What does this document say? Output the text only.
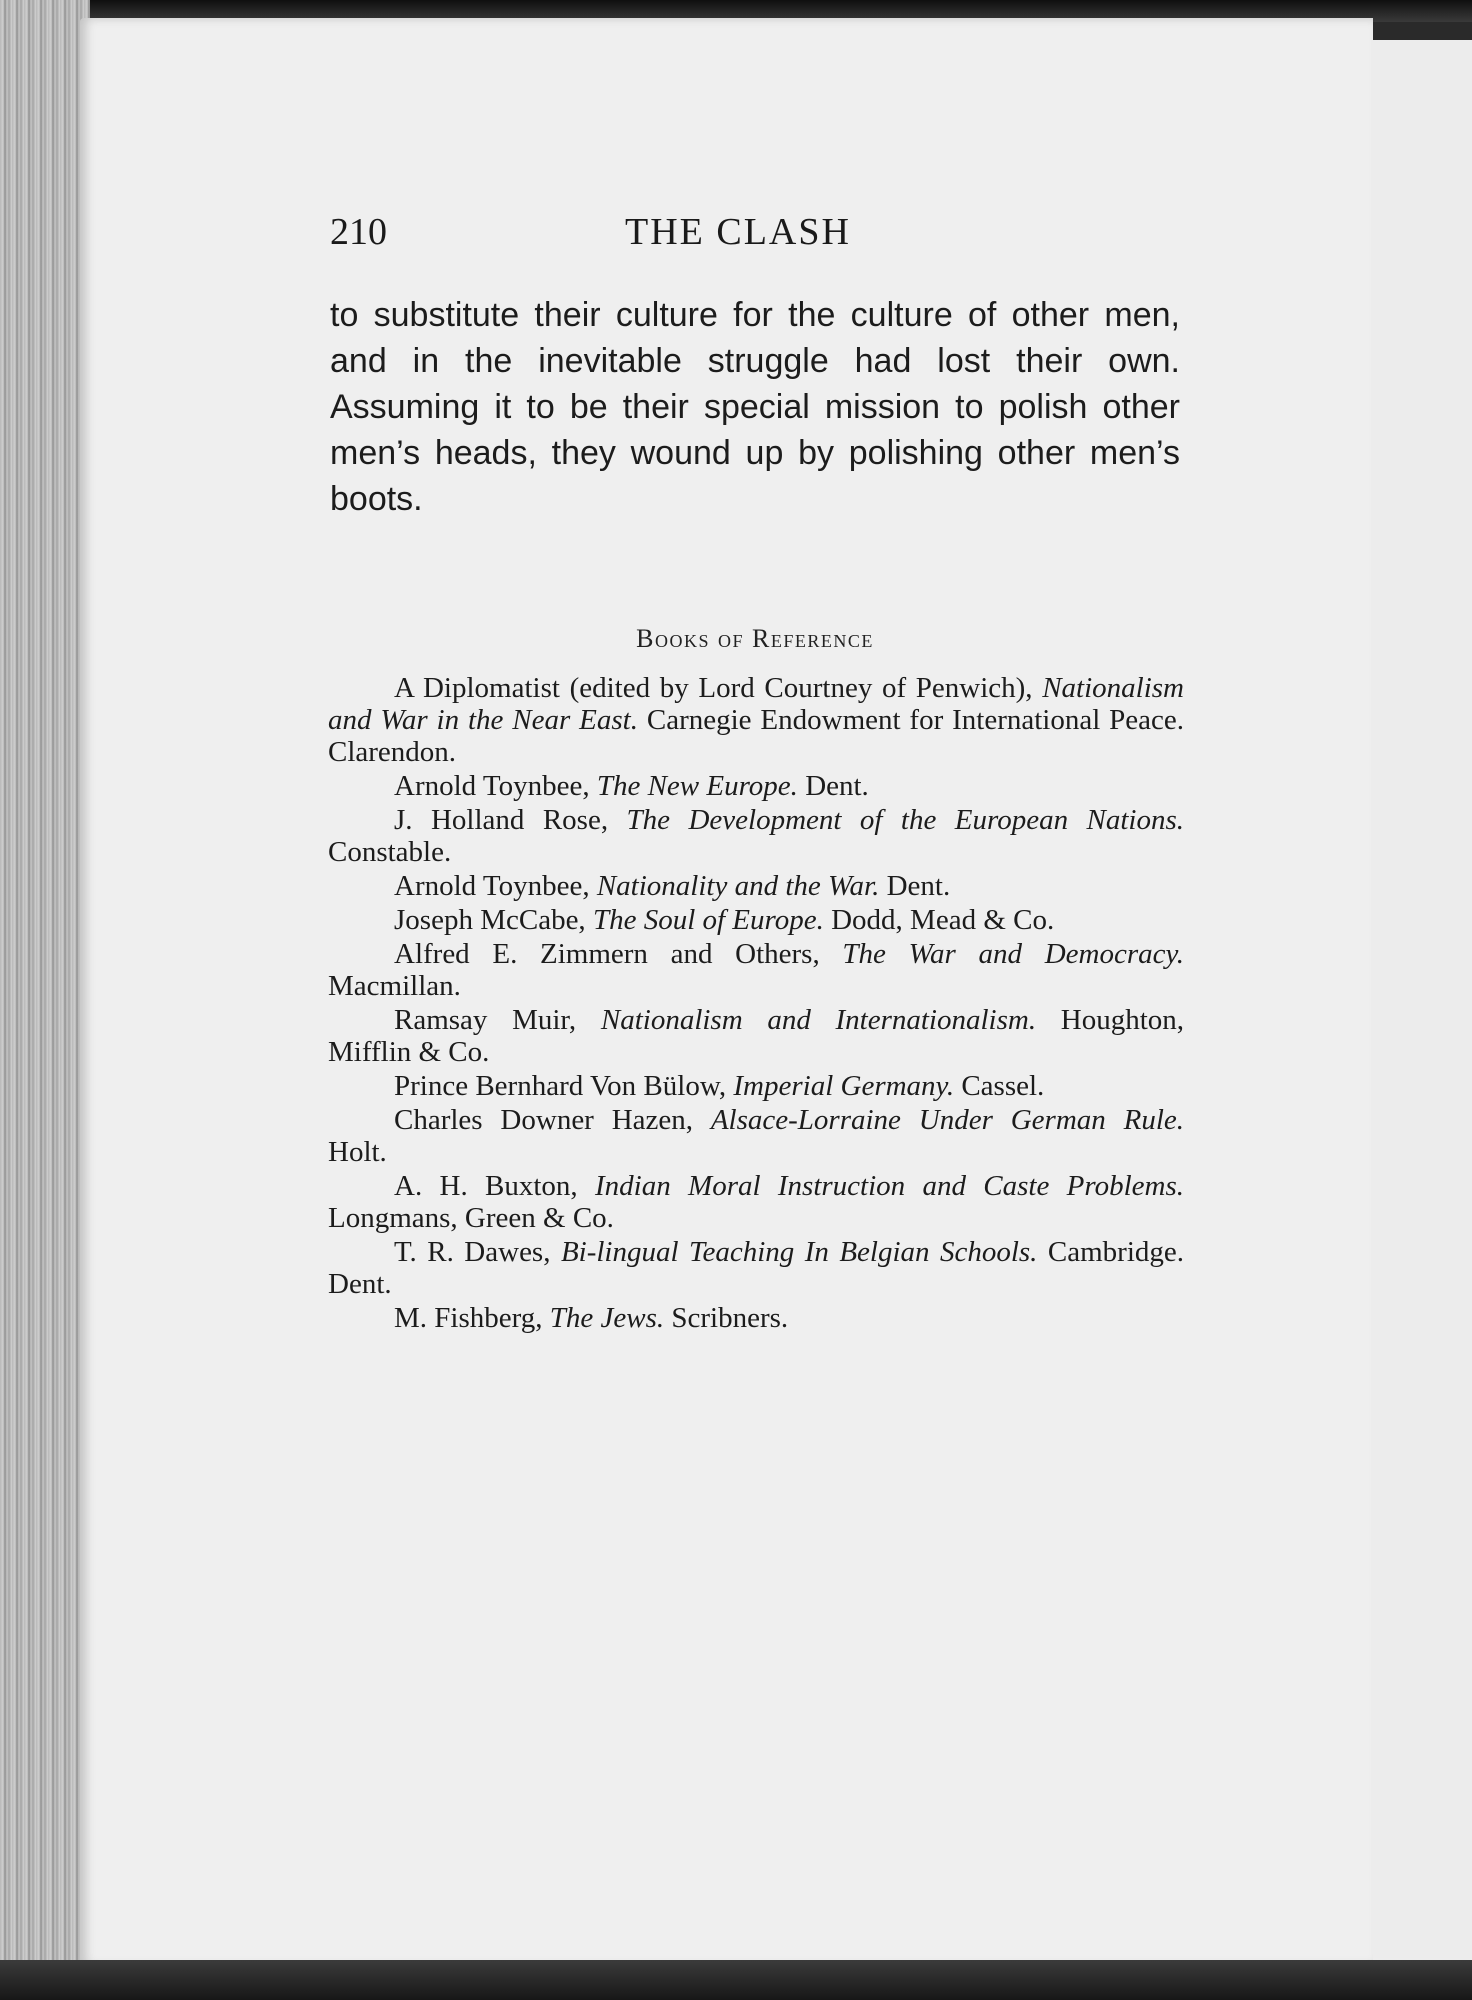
210	THE CLASH

to substitute their culture for the culture of other men, and in the inevitable struggle had lost their own. Assuming it to be their special mission to polish other men’s heads, they wound up by polishing other men’s boots.

Books of Reference
A Diplomatist (edited by Lord Courtney of Penwich), Nationalism and War in the Near East. Carnegie Endowment for International Peace. Clarendon.
Arnold Toynbee, The New Europe. Dent.
J. Holland Rose, The Development of the European Nations. Constable.
Arnold Toynbee, Nationality and the War. Dent.
Joseph McCabe, The Soul of Europe. Dodd, Mead & Co.
Alfred E. Zimmern and Others, The War and Democracy. Macmillan.
Ramsay Muir, Nationalism and Internationalism. Houghton, Mifflin & Co.
Prince Bernhard Von Bülow, Imperial Germany. Cassel.
Charles Downer Hazen, Alsace-Lorraine Under German Rule. Holt.
A. H. Buxton, Indian Moral Instruction and Caste Problems. Longmans, Green & Co.
T. R. Dawes, Bi-lingual Teaching In Belgian Schools. Cambridge. Dent.
M. Fishberg, The Jews. Scribners.
